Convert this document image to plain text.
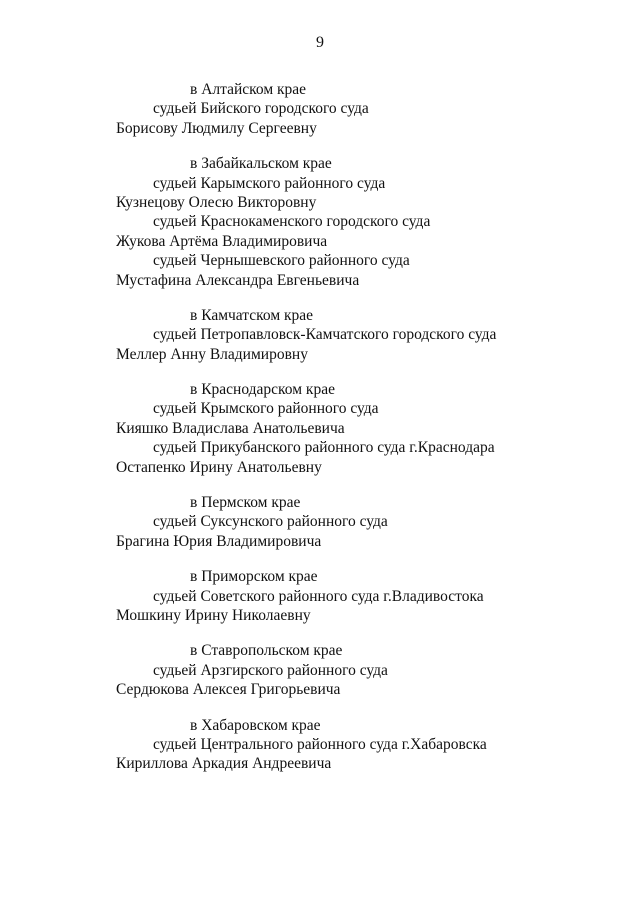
9
в Алтайском крае
судьей Бийского городского суда
Борисову Людмилу Сергеевну
в Забайкальском крае
судьей Карымского районного суда
Кузнецову Олесю Викторовну
судьей Краснокаменского городского суда
Жукова Артёма Владимировича
судьей Чернышевского районного суда
Мустафина Александра Евгеньевича
в Камчатском крае
судьей Петропавловск-Камчатского городского суда
Меллер Анну Владимировну
в Краснодарском крае
судьей Крымского районного суда
Кияшко Владислава Анатольевича
судьей Прикубанского районного суда г.Краснодара
Остапенко Ирину Анатольевну
в Пермском крае
судьей Суксунского районного суда
Брагина Юрия Владимировича
в Приморском крае
судьей Советского районного суда г.Владивостока
Мошкину Ирину Николаевну
в Ставропольском крае
судьей Арзгирского районного суда
Сердюкова Алексея Григорьевича
в Хабаровском крае
судьей Центрального районного суда г.Хабаровска
Кириллова Аркадия Андреевича
